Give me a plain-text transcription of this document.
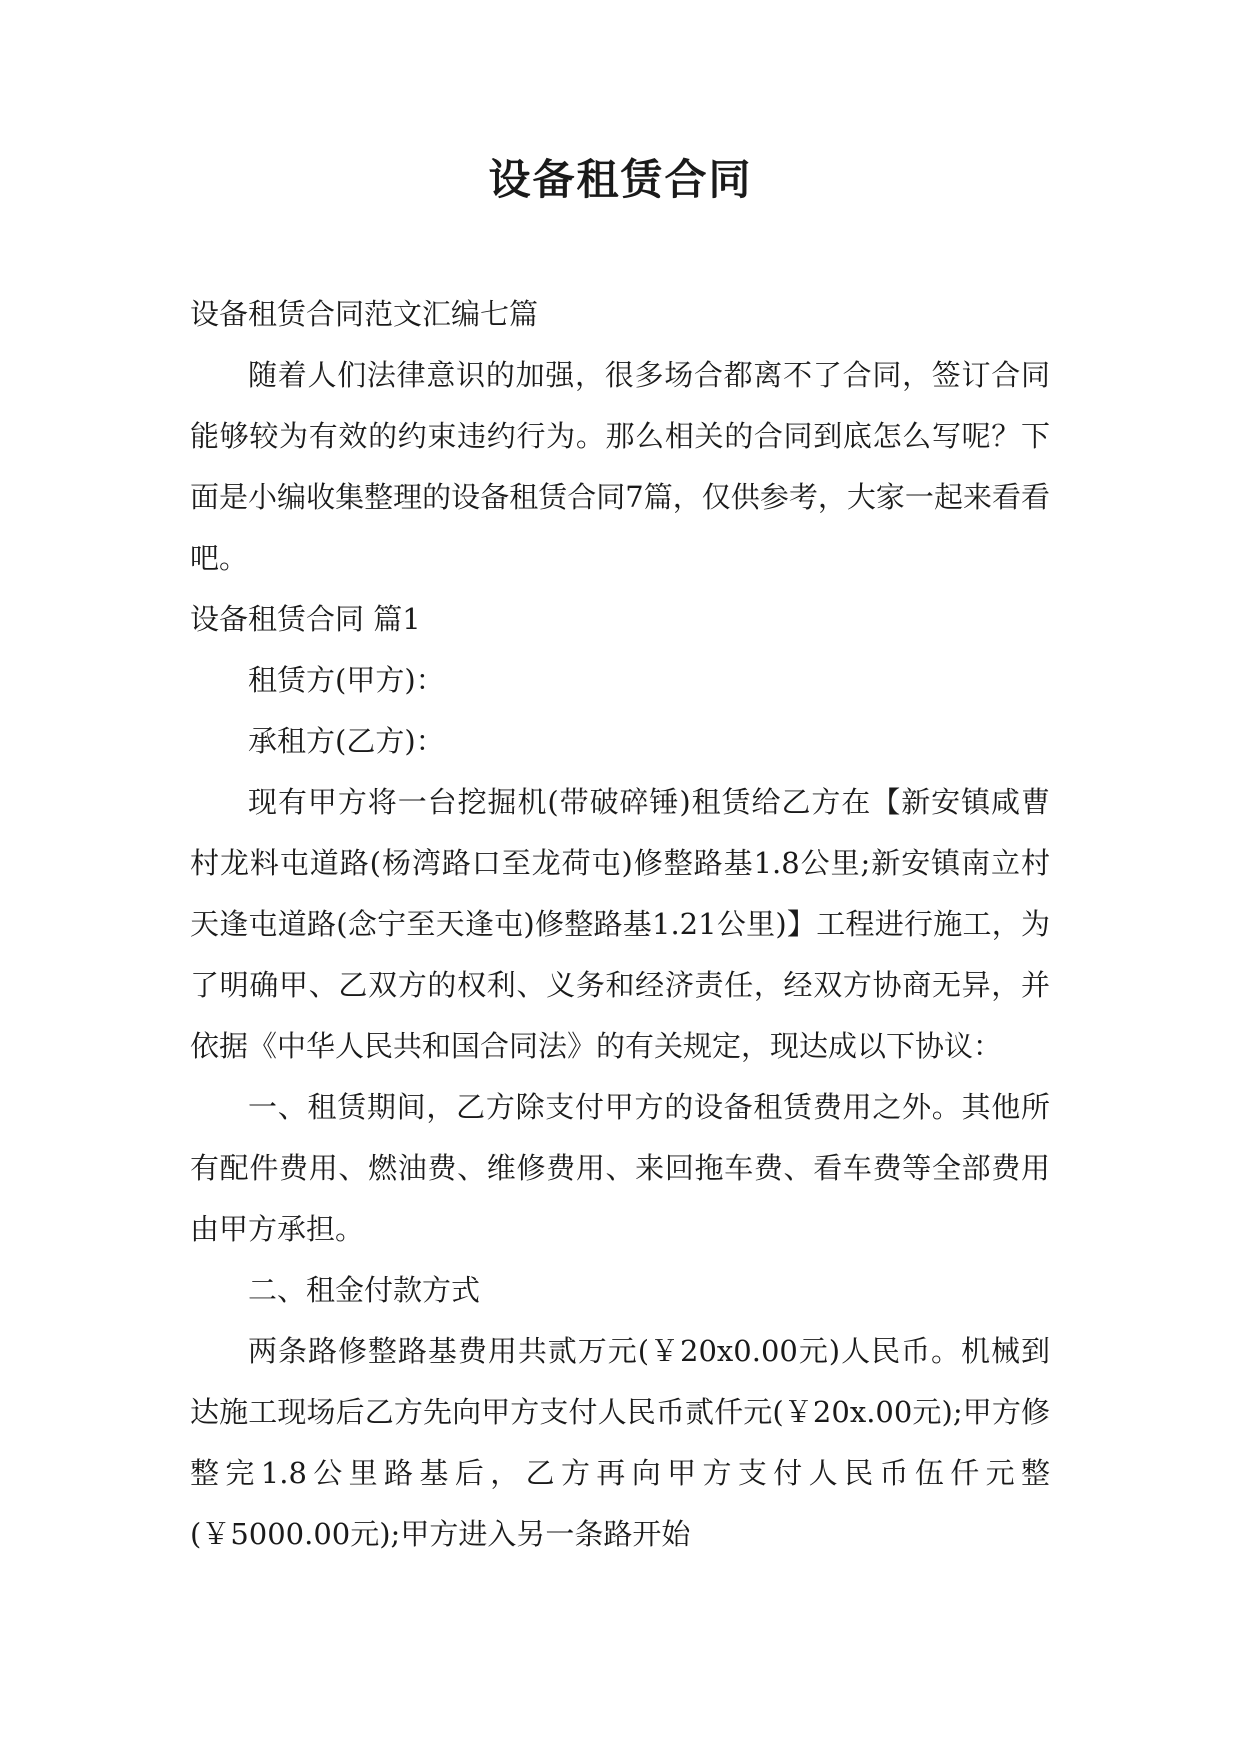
设备租赁合同

设备租赁合同范文汇编七篇

随着人们法律意识的加强，很多场合都离不了合同，签订合同能够较为有效的约束违约行为。那么相关的合同到底怎么写呢？下面是小编收集整理的设备租赁合同7篇，仅供参考，大家一起来看看吧。

设备租赁合同 篇1

租赁方(甲方)：

承租方(乙方)：

现有甲方将一台挖掘机(带破碎锤)租赁给乙方在【新安镇咸曹村龙料屯道路(杨湾路口至龙荷屯)修整路基1.8公里;新安镇南立村天逢屯道路(念宁至天逢屯)修整路基1.21公里)】工程进行施工，为了明确甲、乙双方的权利、义务和经济责任，经双方协商无异，并依据《中华人民共和国合同法》的有关规定，现达成以下协议：

一、租赁期间，乙方除支付甲方的设备租赁费用之外。其他所有配件费用、燃油费、维修费用、来回拖车费、看车费等全部费用由甲方承担。

二、租金付款方式

两条路修整路基费用共贰万元(￥20x0.00元)人民币。机械到达施工现场后乙方先向甲方支付人民币贰仟元(￥20x.00元);甲方修整完1.8公里路基后，乙方再向甲方支付人民币伍仟元整(￥5000.00元);甲方进入另一条路开始
